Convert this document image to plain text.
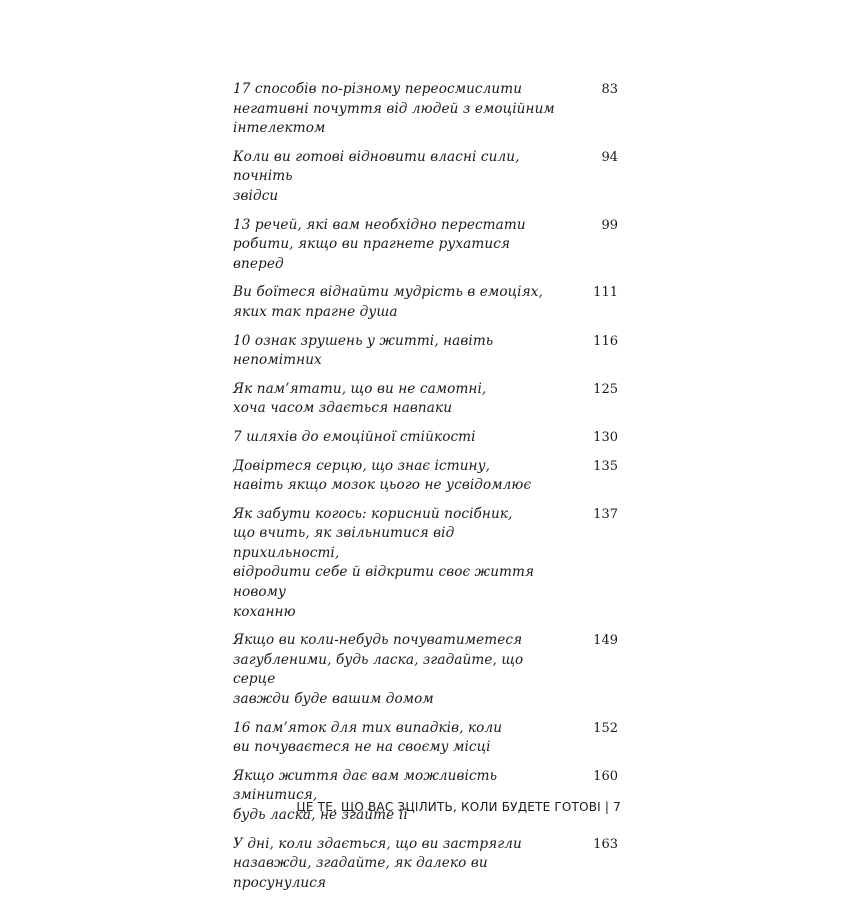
17 способів по-різному переосмислити
негативні почуття від людей з емоційним
інтелектом
83
Коли ви готові відновити власні сили, почніть
звідси
94
13 речей, які вам необхідно перестати
робити, якщо ви прагнете рухатися вперед
99
Ви боїтеся віднайти мудрість в емоціях,
яких так прагне душа
111
10 ознак зрушень у житті, навіть
непомітних
116
Як пам’ятати, що ви не самотні,
хоча часом здається навпаки
125
7 шляхів до емоційної стійкості	130
Довіртеся серцю, що знає істину,
навіть якщо мозок цього не усвідомлює
135
Як забути когось: корисний посібник,
що вчить, як звільнитися від прихильності,
відродити себе й відкрити своє життя новому
коханню
137
Якщо ви коли-небудь почуватиметеся
загубленими, будь ласка, згадайте, що серце
завжди буде вашим домом
149
16 пам’яток для тих випадків, коли
ви почуваєтеся не на своєму місці
152
Якщо життя дає вам можливість змінитися,
будь ласка, не згайте її
160
У дні, коли здається, що ви застрягли
назавжди, згадайте, як далеко ви просунулися
163
ЦЕ ТЕ, ЩО ВАС ЗЦІЛИТЬ, КОЛИ БУДЕТЕ ГОТОВІ | 7
